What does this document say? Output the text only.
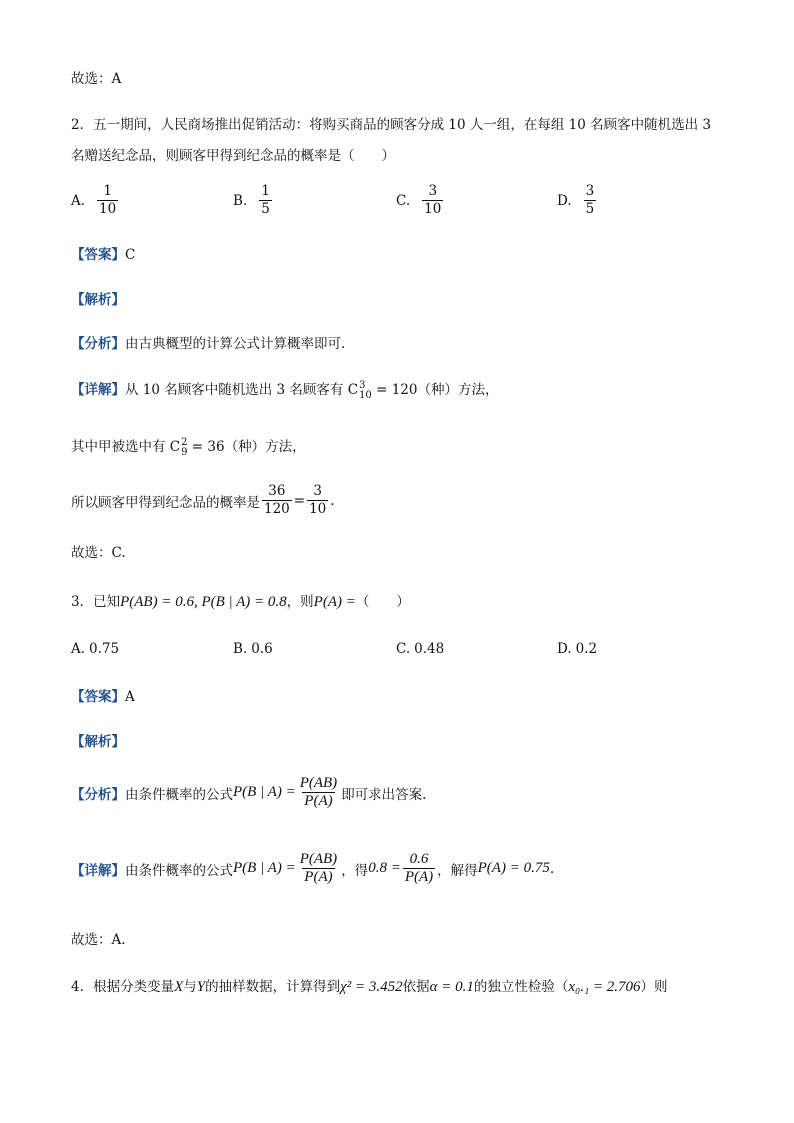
故选：A
2．五一期间，人民商场推出促销活动：将购买商品的顾客分成 10 人一组，在每组 10 名顾客中随机选出 3
名赠送纪念品，则顾客甲得到纪念品的概率是（　　）
A. $\frac{1}{10}$	B. $\frac{1}{5}$	C. $\frac{3}{10}$	D. $\frac{3}{5}$
【答案】C
【解析】
【分析】由古典概型的计算公式计算概率即可.
【详解】从 10 名顾客中随机选出 3 名顾客有 C 3
10 = 120（种）方法，
其中甲被选中有 C 2
9 = 36（种）方法，
所以顾客甲得到纪念品的概率是 $\frac{36}{120} = \frac{3}{10}$ .
故选：C.
3．已知P(AB) = 0.6, P(B | A) = 0.8，则P(A) =（　　）
A. 0.75	B. 0.6	C. 0.48	D. 0.2
【答案】A
【解析】
【分析】 由条件概率的公式 P(B | $A) = \frac{P(AB)}{P(A)}$ 即可求出答案.
【详解】 由条件概率的公式 P(B | $A) = \frac{P(AB)}{P(A)}$ ，得 $0.8 = \frac{0.6}{P(A)}$ ，解得 P(A) = 0.75 .
故选：A.
4．根据分类变量X与Y的抽样数据，计算得到χ² = 3.452依据α = 0.1的独立性检验（x₀.₁ = 2.706）则
